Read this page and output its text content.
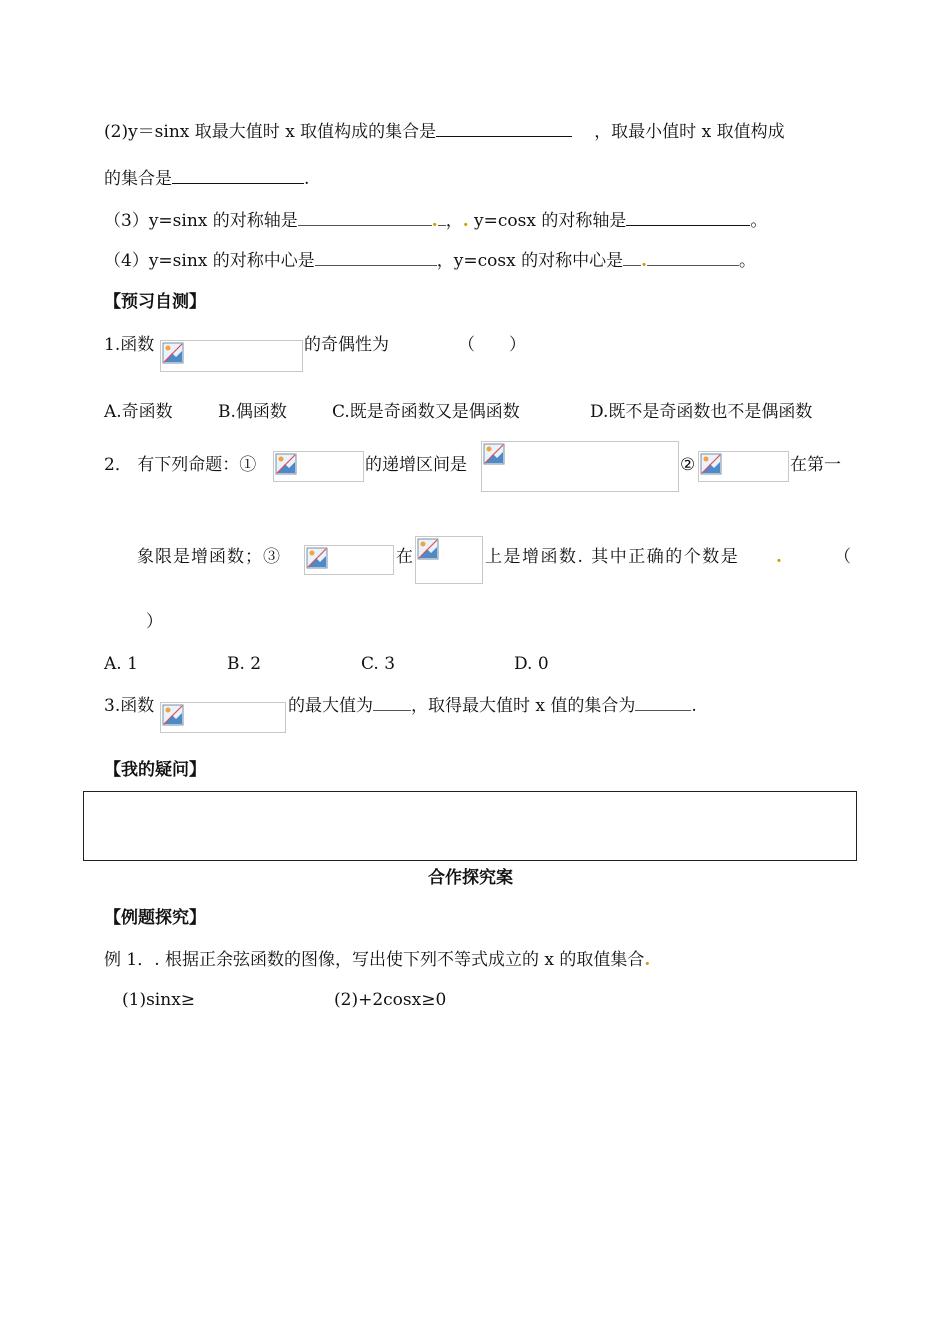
(2)y＝sinx 取最大值时 x 取值构成的集合是	，取最小值时 x 取值构成
的集合是	.
（3）y=sinx 的对称轴是	. ，. y=cosx 的对称轴是	。
（4）y=sinx 的对称中心是	，y=cosx 的对称中心是 .	。
【预习自测】
1.函数	的奇偶性为	（　　）
A.奇函数	B.偶函数	C.既是奇函数又是偶函数	D.既不是奇函数也不是偶函数
2． 有下列命题：①	的递增区间是	②	在第一
象限是增函数；③	在	上是增函数. 其中正确的个数是 .	（
）
A. 1	B. 2	C. 3	D. 0
3.函数	的最大值为 ，取得最大值时 x 值的集合为	.
【我的疑问】
合作探究案
【例题探究】
例 1．. 根据正余弦函数的图像，写出使下列不等式成立的 x 的取值集合.
(1)sinx≥	(2)+2cosx≥0
